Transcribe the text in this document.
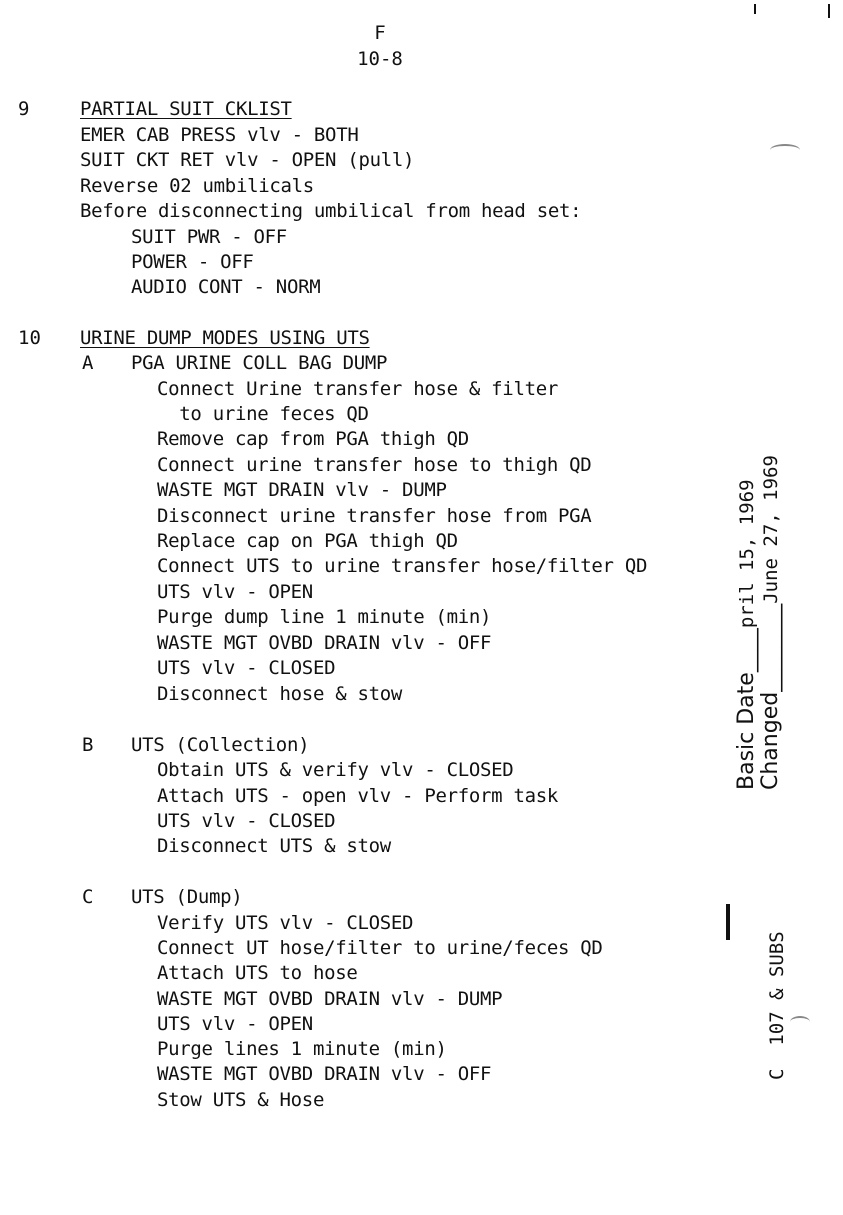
F
10-8
9	PARTIAL SUIT CKLIST
EMER CAB PRESS vlv - BOTH
SUIT CKT RET vlv - OPEN (pull)
Reverse 02 umbilicals
Before disconnecting umbilical from head set:
SUIT PWR - OFF
POWER - OFF
AUDIO CONT - NORM
10 URINE DUMP MODES USING UTS
A PGA URINE COLL BAG DUMP
Connect Urine transfer hose & filter
to urine feces QD
Remove cap from PGA thigh QD
Connect urine transfer hose to thigh QD
WASTE MGT DRAIN vlv - DUMP
Disconnect urine transfer hose from PGA
Replace cap on PGA thigh QD
Connect UTS to urine transfer hose/filter QD
UTS vlv - OPEN
Purge dump line 1 minute (min)
WASTE MGT OVBD DRAIN vlv - OFF
UTS vlv - CLOSED
Disconnect hose & stow
B UTS (Collection)
Obtain UTS & verify vlv - CLOSED
Attach UTS - open vlv - Perform task
UTS vlv - CLOSED
Disconnect UTS & stow
C UTS (Dump)
Verify UTS vlv - CLOSED
Connect UT hose/filter to urine/feces QD
Attach UTS to hose
WASTE MGT OVBD DRAIN vlv - DUMP
UTS vlv - OPEN
Purge lines 1 minute (min)
WASTE MGT OVBD DRAIN vlv - OFF
Stow UTS & Hose
Basic Date____pril 15, 1969
Changed________June 27, 1969
C  107 & SUBS
